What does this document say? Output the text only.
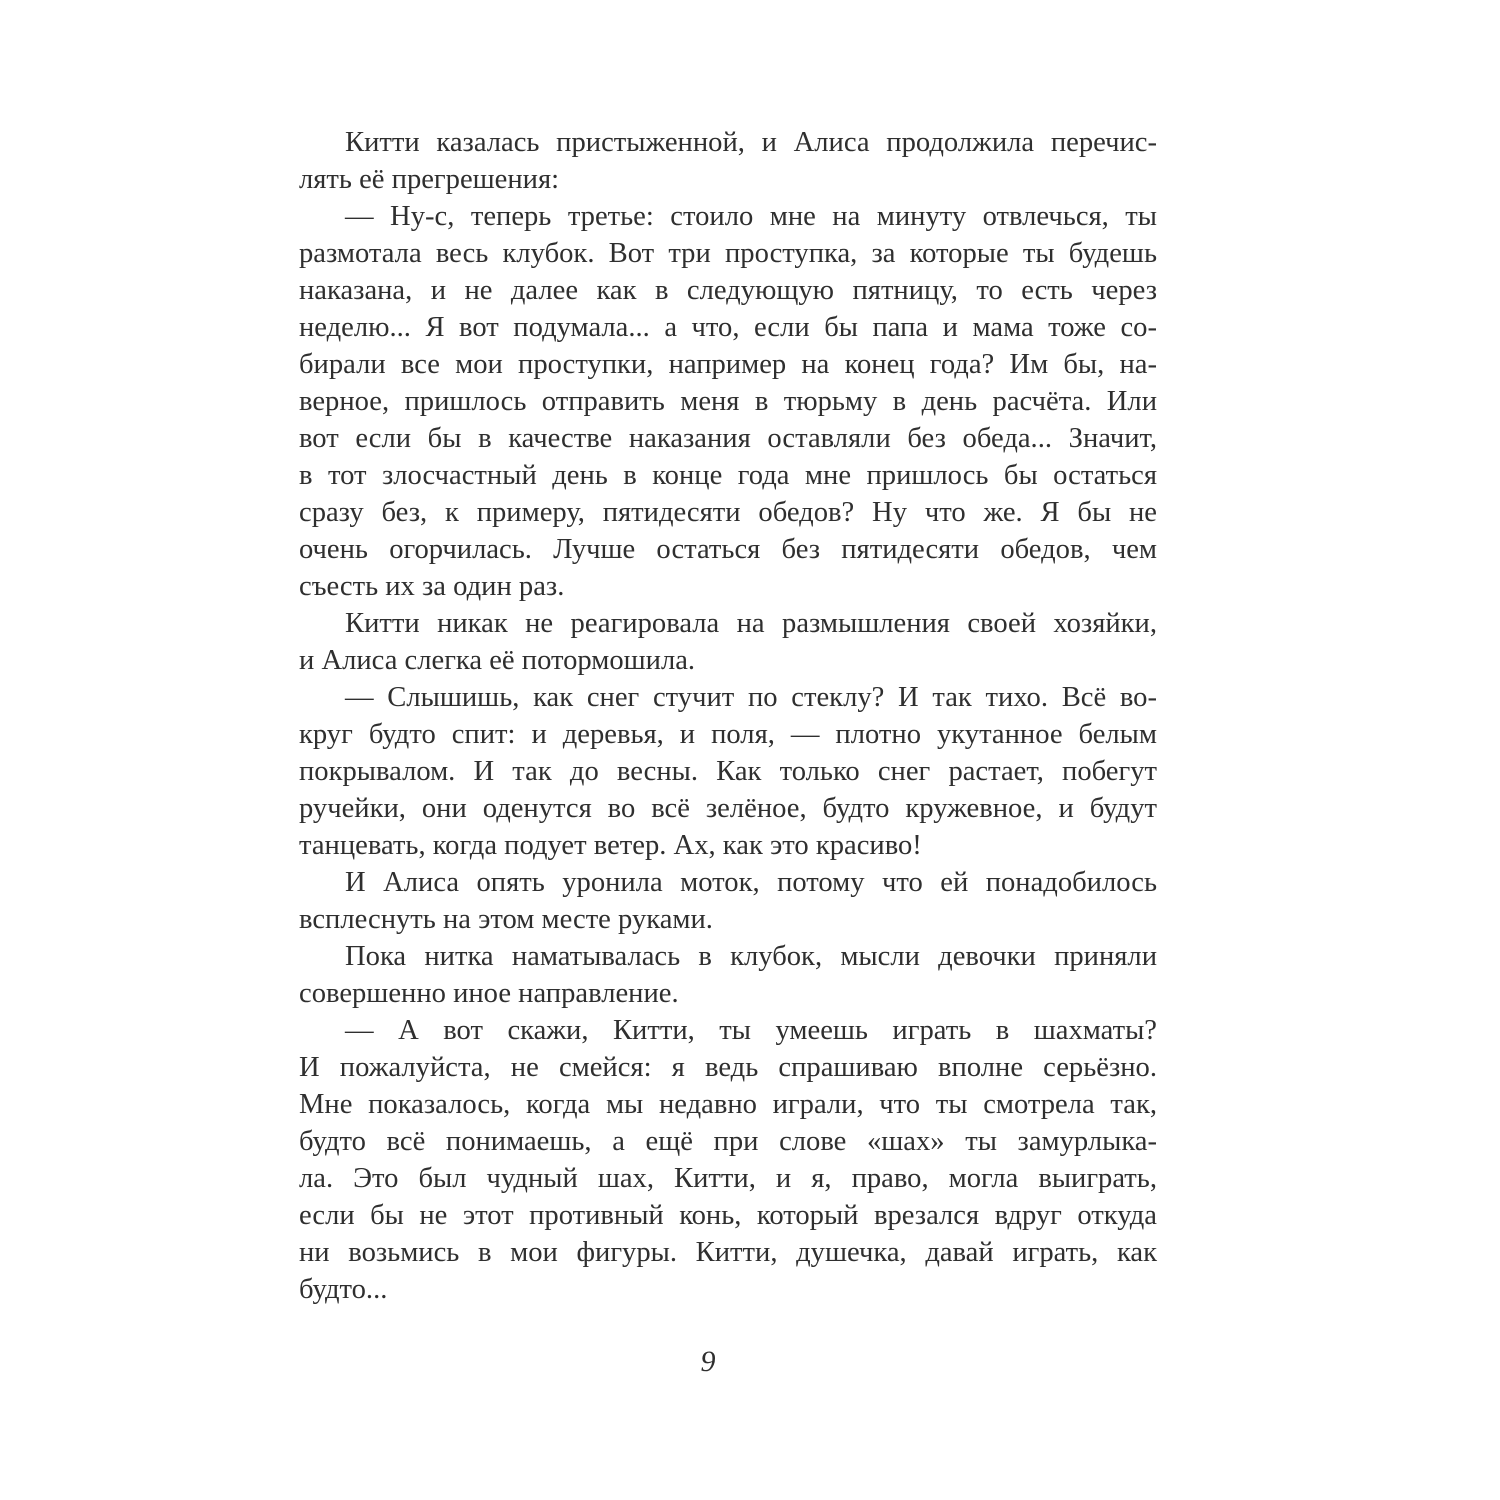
Китти казалась пристыженной, и Алиса продолжила перечис-
лять её прегрешения:
— Ну-с, теперь третье: стоило мне на минуту отвлечься, ты
размотала весь клубок. Вот три проступка, за которые ты будешь
наказана, и не далее как в следующую пятницу, то есть через
неделю... Я вот подумала... а что, если бы папа и мама тоже со-
бирали все мои проступки, например на конец года? Им бы, на-
верное, пришлось отправить меня в тюрьму в день расчёта. Или
вот если бы в качестве наказания оставляли без обеда... Значит,
в тот злосчастный день в конце года мне пришлось бы остаться
сразу без, к примеру, пятидесяти обедов? Ну что же. Я бы не
очень огорчилась. Лучше остаться без пятидесяти обедов, чем
съесть их за один раз.
Китти никак не реагировала на размышления своей хозяйки,
и Алиса слегка её потормошила.
— Слышишь, как снег стучит по стеклу? И так тихо. Всё во-
круг будто спит: и деревья, и поля, — плотно укутанное белым
покрывалом. И так до весны. Как только снег растает, побегут
ручейки, они оденутся во всё зелёное, будто кружевное, и будут
танцевать, когда подует ветер. Ах, как это красиво!
И Алиса опять уронила моток, потому что ей понадобилось
всплеснуть на этом месте руками.
Пока нитка наматывалась в клубок, мысли девочки приняли
совершенно иное направление.
— А вот скажи, Китти, ты умеешь играть в шахматы?
И пожалуйста, не смейся: я ведь спрашиваю вполне серьёзно.
Мне показалось, когда мы недавно играли, что ты смотрела так,
будто всё понимаешь, а ещё при слове «шах» ты замурлыка-
ла. Это был чудный шах, Китти, и я, право, могла выиграть,
если бы не этот противный конь, который врезался вдруг откуда
ни возьмись в мои фигуры. Китти, душечка, давай играть, как
будто...
9
